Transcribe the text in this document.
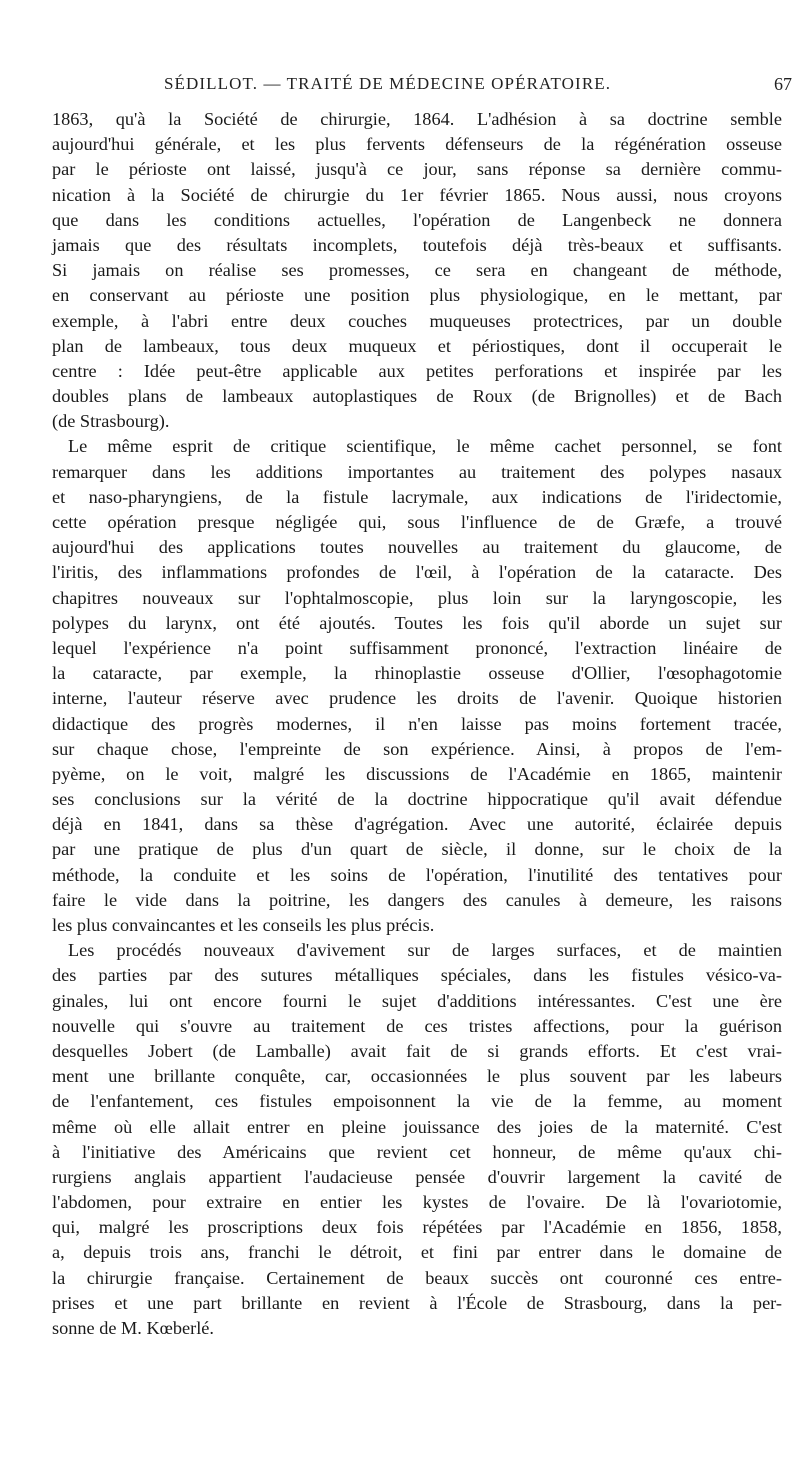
SÉDILLOT. — TRAITÉ DE MÉDECINE OPÉRATOIRE.	67
1863, qu'à la Société de chirurgie, 1864. L'adhésion à sa doctrine semble
aujourd'hui générale, et les plus fervents défenseurs de la régénération osseuse
par le périoste ont laissé, jusqu'à ce jour, sans réponse sa dernière commu-
nication à la Société de chirurgie du 1er février 1865. Nous aussi, nous croyons
que dans les conditions actuelles, l'opération de Langenbeck ne donnera
jamais que des résultats incomplets, toutefois déjà très-beaux et suffisants.
Si jamais on réalise ses promesses, ce sera en changeant de méthode,
en conservant au périoste une position plus physiologique, en le mettant, par
exemple, à l'abri entre deux couches muqueuses protectrices, par un double
plan de lambeaux, tous deux muqueux et périostiques, dont il occuperait le
centre : Idée peut-être applicable aux petites perforations et inspirée par les
doubles plans de lambeaux autoplastiques de Roux (de Brignolles) et de Bach
(de Strasbourg).
Le même esprit de critique scientifique, le même cachet personnel, se font
remarquer dans les additions importantes au traitement des polypes nasaux
et naso-pharyngiens, de la fistule lacrymale, aux indications de l'iridectomie,
cette opération presque négligée qui, sous l'influence de de Græfe, a trouvé
aujourd'hui des applications toutes nouvelles au traitement du glaucome, de
l'iritis, des inflammations profondes de l'œil, à l'opération de la cataracte. Des
chapitres nouveaux sur l'ophtalmoscopie, plus loin sur la laryngoscopie, les
polypes du larynx, ont été ajoutés. Toutes les fois qu'il aborde un sujet sur
lequel l'expérience n'a point suffisamment prononcé, l'extraction linéaire de
la cataracte, par exemple, la rhinoplastie osseuse d'Ollier, l'œsophagotomie
interne, l'auteur réserve avec prudence les droits de l'avenir. Quoique historien
didactique des progrès modernes, il n'en laisse pas moins fortement tracée,
sur chaque chose, l'empreinte de son expérience. Ainsi, à propos de l'em-
pyème, on le voit, malgré les discussions de l'Académie en 1865, maintenir
ses conclusions sur la vérité de la doctrine hippocratique qu'il avait défendue
déjà en 1841, dans sa thèse d'agrégation. Avec une autorité, éclairée depuis
par une pratique de plus d'un quart de siècle, il donne, sur le choix de la
méthode, la conduite et les soins de l'opération, l'inutilité des tentatives pour
faire le vide dans la poitrine, les dangers des canules à demeure, les raisons
les plus convaincantes et les conseils les plus précis.
Les procédés nouveaux d'avivement sur de larges surfaces, et de maintien
des parties par des sutures métalliques spéciales, dans les fistules vésico-va-
ginales, lui ont encore fourni le sujet d'additions intéressantes. C'est une ère
nouvelle qui s'ouvre au traitement de ces tristes affections, pour la guérison
desquelles Jobert (de Lamballe) avait fait de si grands efforts. Et c'est vrai-
ment une brillante conquête, car, occasionnées le plus souvent par les labeurs
de l'enfantement, ces fistules empoisonnent la vie de la femme, au moment
même où elle allait entrer en pleine jouissance des joies de la maternité. C'est
à l'initiative des Américains que revient cet honneur, de même qu'aux chi-
rurgiens anglais appartient l'audacieuse pensée d'ouvrir largement la cavité de
l'abdomen, pour extraire en entier les kystes de l'ovaire. De là l'ovariotomie,
qui, malgré les proscriptions deux fois répétées par l'Académie en 1856, 1858,
a, depuis trois ans, franchi le détroit, et fini par entrer dans le domaine de
la chirurgie française. Certainement de beaux succès ont couronné ces entre-
prises et une part brillante en revient à l'École de Strasbourg, dans la per-
sonne de M. Kœberlé.
